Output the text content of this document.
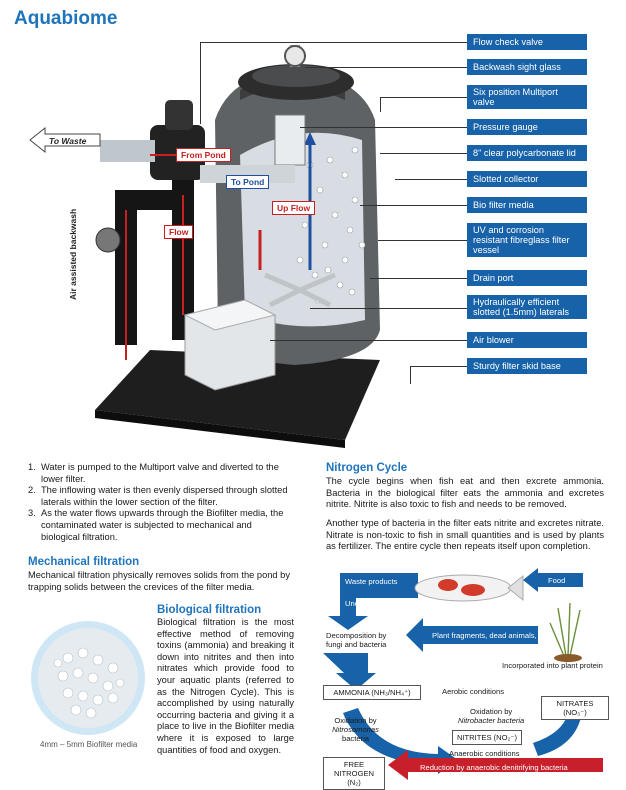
Aquabiome
To Waste
From Pond
To Pond
Up Flow
Flow
Air assisted backwash
Flow check valve
Backwash sight glass
Six position Multiport valve
Pressure gauge
8" clear polycarbonate lid
Slotted collector
Bio filter media
UV and corrosion resistant fibreglass filter vessel
Drain port
Hydraulically efficient slotted (1.5mm) laterals
Air blower
Sturdy filter skid base
1. Water is pumped to the Multiport valve and diverted to the lower filter.
2. The inflowing water is then evenly dispersed through slotted laterals within the lower section of the filter.
3. As the water flows upwards through the Biofilter media, the contaminated water is subjected to mechanical and biological filtration.
Mechanical filtration
Mechanical filtration physically removes solids from the pond by trapping solids between the crevices of the filter media.
4mm – 5mm Biofilter media
Biological filtration
Biological filtration is the most effective method of removing toxins (ammonia) and breaking it down into nitrites and then into nitrates which provide food to your aquatic plants (referred to as the Nitrogen Cycle). This is accomplished by using naturally occurring bacteria and giving it a place to live in the Biofilter media where it is exposed to large quantities of food and oxygen.
Nitrogen Cycle
The cycle begins when fish eat and then excrete ammonia. Bacteria in the biological filter eats the ammonia and excretes nitrite. Nitrite is also toxic to fish and needs to be removed.
Another type of bacteria in the filter eats nitrite and excretes nitrate. Nitrate is non-toxic to fish in small quantities and is used by plants as fertilizer. The entire cycle then repeats itself upon completion.
Waste products
Uneaten food
Food
Decomposition by fungi and bacteria
Plant fragments, dead animals, etc
Incorporated into plant protein
AMMONIA (NH₃/NH₄⁺)	Aerobic conditions
NITRATES (NO₃⁻)
Oxidation by
Nitrosomonas
bacteria
Oxidation by
Nitrobacter bacteria
NITRITES (NO₂⁻)
Anaerobic conditions
FREE NITROGEN
(N₂)
Reduction by anaerobic denitrifying bacteria
